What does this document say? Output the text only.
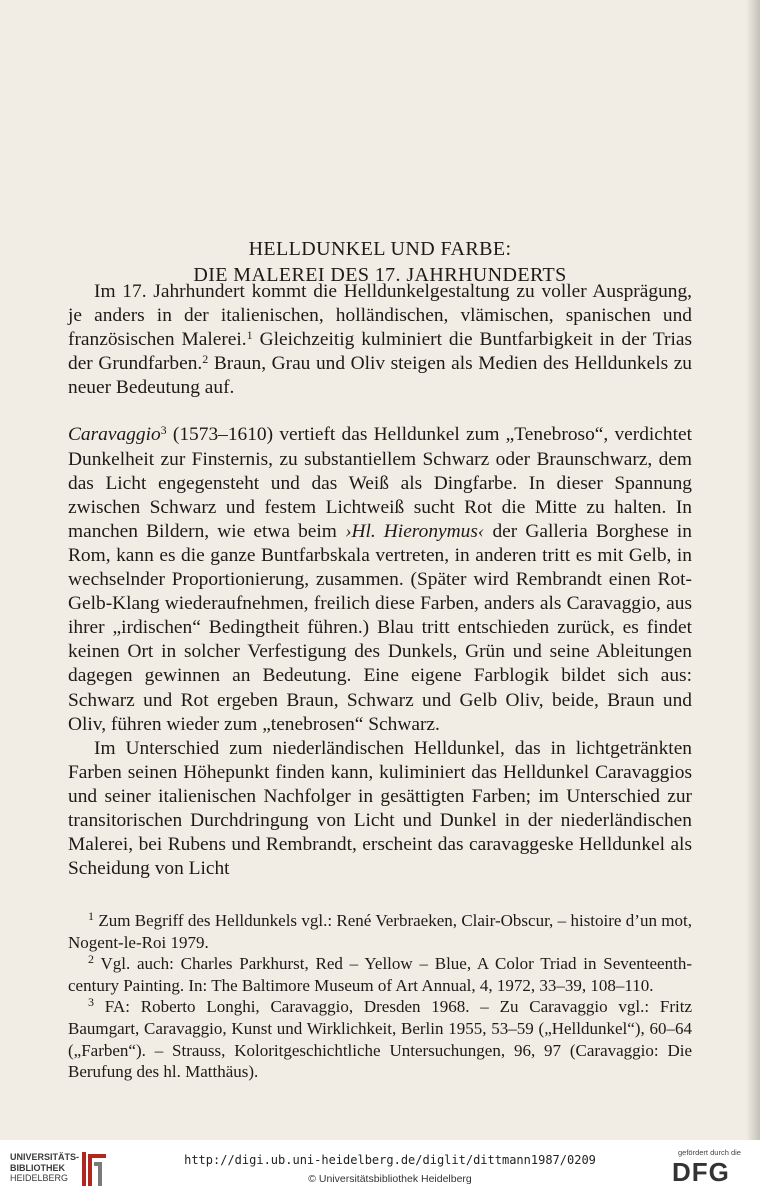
HELLDUNKEL UND FARBE:
DIE MALEREI DES 17. JAHRHUNDERTS

Im 17. Jahrhundert kommt die Helldunkelgestaltung zu voller Ausprägung, je anders in der italienischen, holländischen, vlämischen, spanischen und französischen Malerei.$^1$ Gleichzeitig kulminiert die Buntfarbigkeit in der Trias der Grundfarben.$^2$ Braun, Grau und Oliv steigen als Medien des Helldunkels zu neuer Bedeutung auf.

Caravaggio$^3$ (1573–1610) vertieft das Helldunkel zum „Tenebroso“, verdichtet Dunkelheit zur Finsternis, zu substantiellem Schwarz oder Braunschwarz, dem das Licht engegensteht und das Weiß als Dingfarbe. In dieser Spannung zwischen Schwarz und festem Lichtweiß sucht Rot die Mitte zu halten. In manchen Bildern, wie etwa beim ›Hl. Hieronymus‹ der Galleria Borghese in Rom, kann es die ganze Buntfarbskala vertreten, in anderen tritt es mit Gelb, in wechselnder Proportionierung, zusammen. (Später wird Rembrandt einen Rot-Gelb-Klang wiederaufnehmen, freilich diese Farben, anders als Caravaggio, aus ihrer „irdischen“ Bedingtheit führen.) Blau tritt entschieden zurück, es findet keinen Ort in solcher Verfestigung des Dunkels, Grün und seine Ableitungen dagegen gewinnen an Bedeutung. Eine eigene Farblogik bildet sich aus: Schwarz und Rot ergeben Braun, Schwarz und Gelb Oliv, beide, Braun und Oliv, führen wieder zum „tenebrosen“ Schwarz.

Im Unterschied zum niederländischen Helldunkel, das in lichtgetränkten Farben seinen Höhepunkt finden kann, kuliminiert das Helldunkel Caravaggios und seiner italienischen Nachfolger in gesättigten Farben; im Unterschied zur transitorischen Durchdringung von Licht und Dunkel in der niederländischen Malerei, bei Rubens und Rembrandt, erscheint das caravaggeske Helldunkel als Scheidung von Licht

$^1$ Zum Begriff des Helldunkels vgl.: René Verbraeken, Clair-Obscur, – histoire d’un mot, Nogent-le-Roi 1979.

$^2$ Vgl. auch: Charles Parkhurst, Red – Yellow – Blue, A Color Triad in Seventeenth-century Painting. In: The Baltimore Museum of Art Annual, 4, 1972, 33–39, 108–110.

$^3$ FA: Roberto Longhi, Caravaggio, Dresden 1968. – Zu Caravaggio vgl.: Fritz Baumgart, Caravaggio, Kunst und Wirklichkeit, Berlin 1955, 53–59 („Helldunkel“), 60–64 („Farben“). – Strauss, Koloritgeschichtliche Untersuchungen, 96, 97 (Caravaggio: Die Berufung des hl. Matthäus).

UNIVERSITÄTS-
BIBLIOTHEK
HEIDELBERG
http://digi.ub.uni-heidelberg.de/diglit/dittmann1987/0209
© Universitätsbibliothek Heidelberg
gefördert durch die
DFG
